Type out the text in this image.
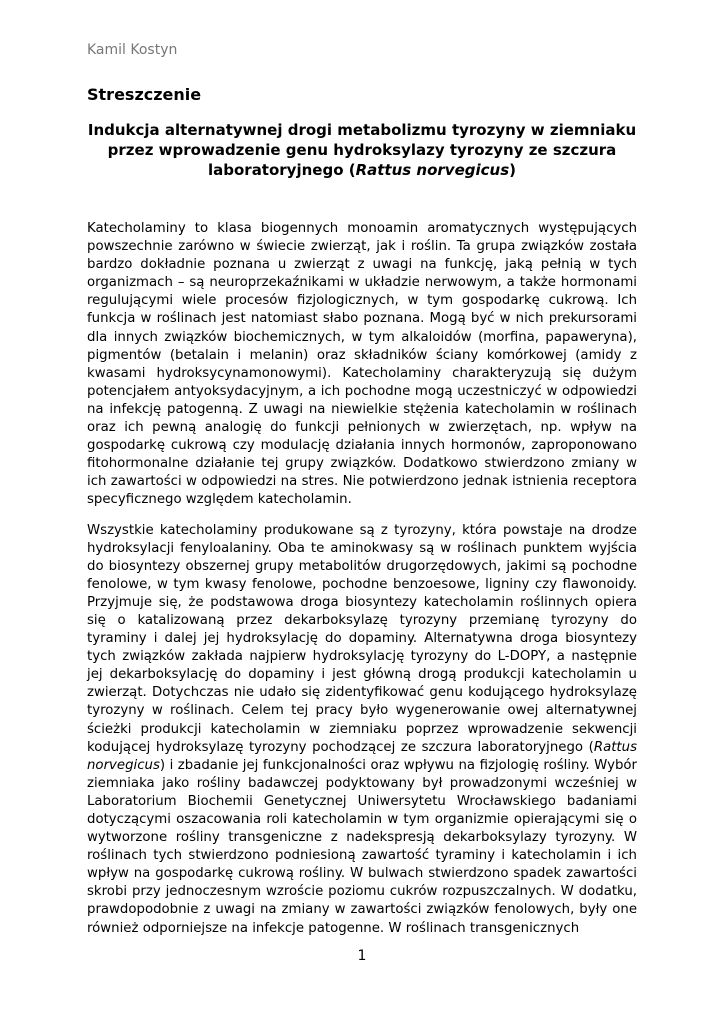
Kamil Kostyn
Streszczenie
Indukcja alternatywnej drogi metabolizmu tyrozyny w ziemniaku przez wprowadzenie genu hydroksylazy tyrozyny ze szczura laboratoryjnego (Rattus norvegicus)

Katecholaminy to klasa biogennych monoamin aromatycznych występujących powszechnie zarówno w świecie zwierząt, jak i roślin. Ta grupa związków została bardzo dokładnie poznana u zwierząt z uwagi na funkcję, jaką pełnią w tych organizmach – są neuroprzekaźnikami w układzie nerwowym, a także hormonami regulującymi wiele procesów fizjologicznych, w tym gospodarkę cukrową. Ich funkcja w roślinach jest natomiast słabo poznana. Mogą być w nich prekursorami dla innych związków biochemicznych, w tym alkaloidów (morfina, papaweryna), pigmentów (betalain i melanin) oraz składników ściany komórkowej (amidy z kwasami hydroksycynamonowymi). Katecholaminy charakteryzują się dużym potencjałem antyoksydacyjnym, a ich pochodne mogą uczestniczyć w odpowiedzi na infekcję patogenną. Z uwagi na niewielkie stężenia katecholamin w roślinach oraz ich pewną analogię do funkcji pełnionych w zwierzętach, np. wpływ na gospodarkę cukrową czy modulację działania innych hormonów, zaproponowano fitohormonalne działanie tej grupy związków. Dodatkowo stwierdzono zmiany w ich zawartości w odpowiedzi na stres. Nie potwierdzono jednak istnienia receptora specyficznego względem katecholamin.

Wszystkie katecholaminy produkowane są z tyrozyny, która powstaje na drodze hydroksylacji fenyloalaniny. Oba te aminokwasy są w roślinach punktem wyjścia do biosyntezy obszernej grupy metabolitów drugorzędowych, jakimi są pochodne fenolowe, w tym kwasy fenolowe, pochodne benzoesowe, ligniny czy flawonoidy. Przyjmuje się, że podstawowa droga biosyntezy katecholamin roślinnych opiera się o katalizowaną przez dekarboksylazę tyrozyny przemianę tyrozyny do tyraminy i dalej jej hydroksylację do dopaminy. Alternatywna droga biosyntezy tych związków zakłada najpierw hydroksylację tyrozyny do L-DOPY, a następnie jej dekarboksylację do dopaminy i jest główną drogą produkcji katecholamin u zwierząt. Dotychczas nie udało się zidentyfikować genu kodującego hydroksylazę tyrozyny w roślinach. Celem tej pracy było wygenerowanie owej alternatywnej ścieżki produkcji katecholamin w ziemniaku poprzez wprowadzenie sekwencji kodującej hydroksylazę tyrozyny pochodzącej ze szczura laboratoryjnego (Rattus norvegicus) i zbadanie jej funkcjonalności oraz wpływu na fizjologię rośliny. Wybór ziemniaka jako rośliny badawczej podyktowany był prowadzonymi wcześniej w Laboratorium Biochemii Genetycznej Uniwersytetu Wrocławskiego badaniami dotyczącymi oszacowania roli katecholamin w tym organizmie opierającymi się o wytworzone rośliny transgeniczne z nadekspresją dekarboksylazy tyrozyny. W roślinach tych stwierdzono podniesioną zawartość tyraminy i katecholamin i ich wpływ na gospodarkę cukrową rośliny. W bulwach stwierdzono spadek zawartości skrobi przy jednoczesnym wzroście poziomu cukrów rozpuszczalnych. W dodatku, prawdopodobnie z uwagi na zmiany w zawartości związków fenolowych, były one również odporniejsze na infekcje patogenne. W roślinach transgenicznych

1
